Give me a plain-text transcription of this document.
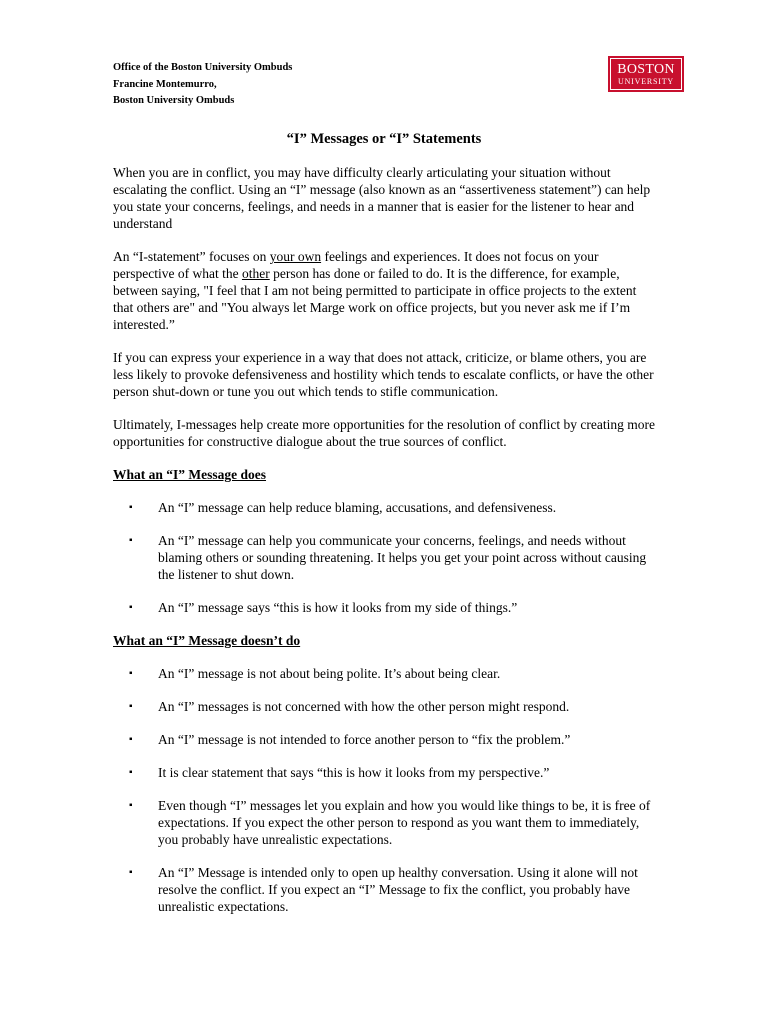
Office of the Boston University Ombuds
Francine Montemurro,
Boston University Ombuds
BOSTON
UNIVERSITY
“I” Messages or “I” Statements

When you are in conflict, you may have difficulty clearly articulating your situation without escalating the conflict. Using an “I” message (also known as an “assertiveness statement”) can help you state your concerns, feelings, and needs in a manner that is easier for the listener to hear and understand

An “I-statement” focuses on your own feelings and experiences. It does not focus on your perspective of what the other person has done or failed to do. It is the difference, for example, between saying, "I feel that I am not being permitted to participate in office projects to the extent that others are" and "You always let Marge work on office projects, but you never ask me if I’m interested.”

If you can express your experience in a way that does not attack, criticize, or blame others, you are less likely to provoke defensiveness and hostility which tends to escalate conflicts, or have the other person shut-down or tune you out which tends to stifle communication.

Ultimately, I-messages help create more opportunities for the resolution of conflict by creating more opportunities for constructive dialogue about the true sources of conflict.

What an “I” Message does
▪ An “I” message can help reduce blaming, accusations, and defensiveness.
▪ An “I” message can help you communicate your concerns, feelings, and needs without blaming others or sounding threatening. It helps you get your point across without causing the listener to shut down.
▪ An “I” message says “this is how it looks from my side of things.”
What an “I” Message doesn’t do
▪ An “I” message is not about being polite. It’s about being clear.
▪ An “I” messages is not concerned with how the other person might respond.
▪ An “I” message is not intended to force another person to “fix the problem.”
▪ It is clear statement that says “this is how it looks from my perspective.”
▪ Even though “I” messages let you explain and how you would like things to be, it is free of expectations. If you expect the other person to respond as you want them to immediately, you probably have unrealistic expectations.
▪ An “I” Message is intended only to open up healthy conversation. Using it alone will not resolve the conflict. If you expect an “I” Message to fix the conflict, you probably have unrealistic expectations.
